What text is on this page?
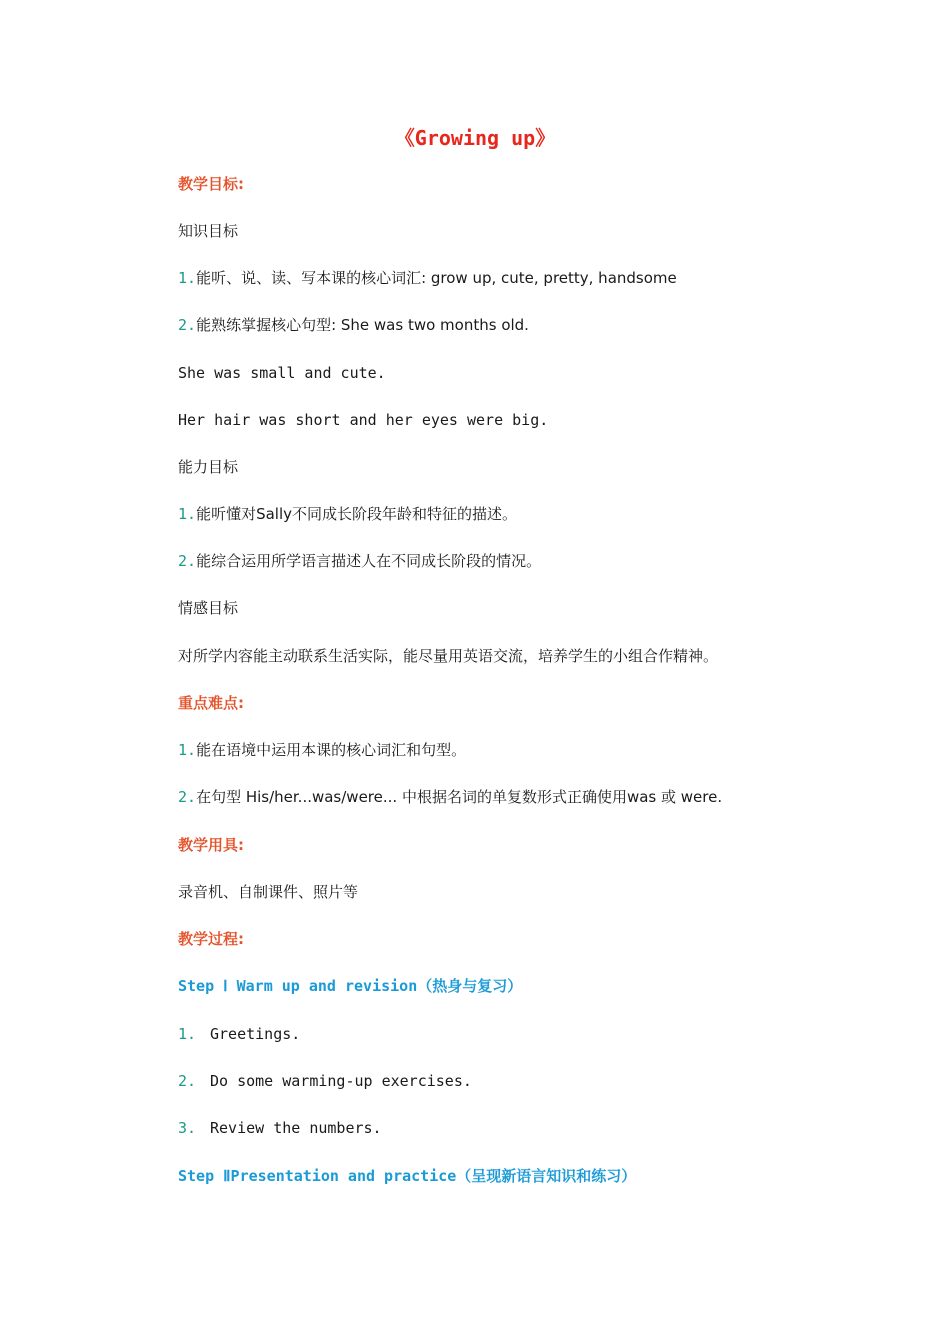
《Growing up》
教学目标:
知识目标
1.能听、说、读、写本课的核心词汇: grow up, cute, pretty, handsome
2.能熟练掌握核心句型: She was two months old.
She was small and cute.
Her hair was short and her eyes were big.
能力目标
1.能听懂对Sally不同成长阶段年龄和特征的描述。
2.能综合运用所学语言描述人在不同成长阶段的情况。
情感目标
对所学内容能主动联系生活实际，能尽量用英语交流，培养学生的小组合作精神。
重点难点:
1.能在语境中运用本课的核心词汇和句型。
2.在句型 His/her...was/were... 中根据名词的单复数形式正确使用was 或 were.
教学用具:
录音机、自制课件、照片等
教学过程:
Step Ⅰ Warm up and revision（热身与复习）
1. Greetings.
2. Do some warming-up exercises.
3. Review the numbers.
Step ⅡPresentation and practice（呈现新语言知识和练习）
